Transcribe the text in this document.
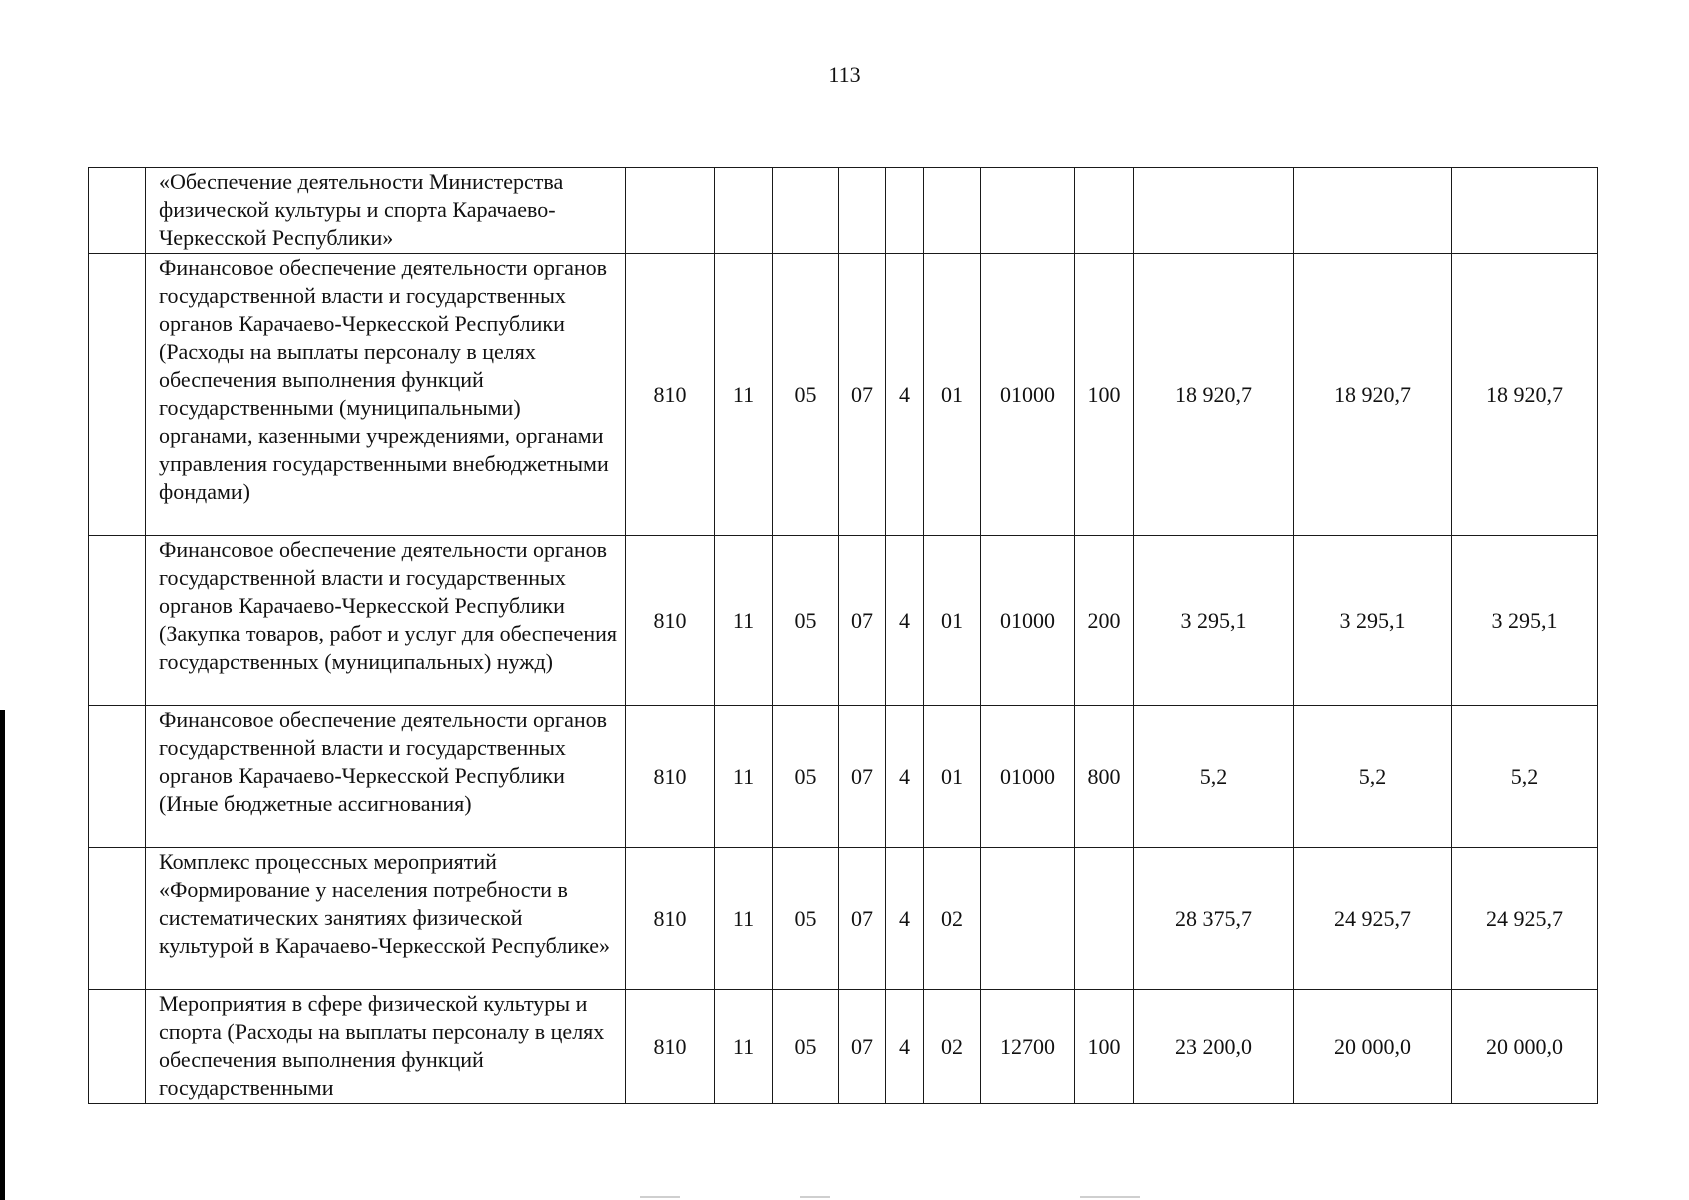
113
	«Обеспечение деятельности Министерства физической культуры и спорта Карачаево-Черкесской Республики»											
	Финансовое обеспечение деятельности органов государственной власти и государственных органов Карачаево-Черкесской Республики (Расходы на выплаты персоналу в целях обеспечения выполнения функций государственными (муниципальными) органами, казенными учреждениями, органами управления государственными внебюджетными фондами)	810	11	05	07	4	01	01000	100	18 920,7	18 920,7	18 920,7
	Финансовое обеспечение деятельности органов государственной власти и государственных органов Карачаево-Черкесской Республики (Закупка товаров, работ и услуг для обеспечения государственных (муниципальных) нужд)	810	11	05	07	4	01	01000	200	3 295,1	3 295,1	3 295,1
	Финансовое обеспечение деятельности органов государственной власти и государственных органов Карачаево-Черкесской Республики (Иные бюджетные ассигнования)	810	11	05	07	4	01	01000	800	5,2	5,2	5,2
	Комплекс процессных мероприятий «Формирование у населения потребности в систематических занятиях физической культурой в Карачаево-Черкесской Республике»	810	11	05	07	4	02			28 375,7	24 925,7	24 925,7
	Мероприятия в сфере физической культуры и спорта (Расходы на выплаты персоналу в целях обеспечения выполнения функций государственными	810	11	05	07	4	02	12700	100	23 200,0	20 000,0	20 000,0
